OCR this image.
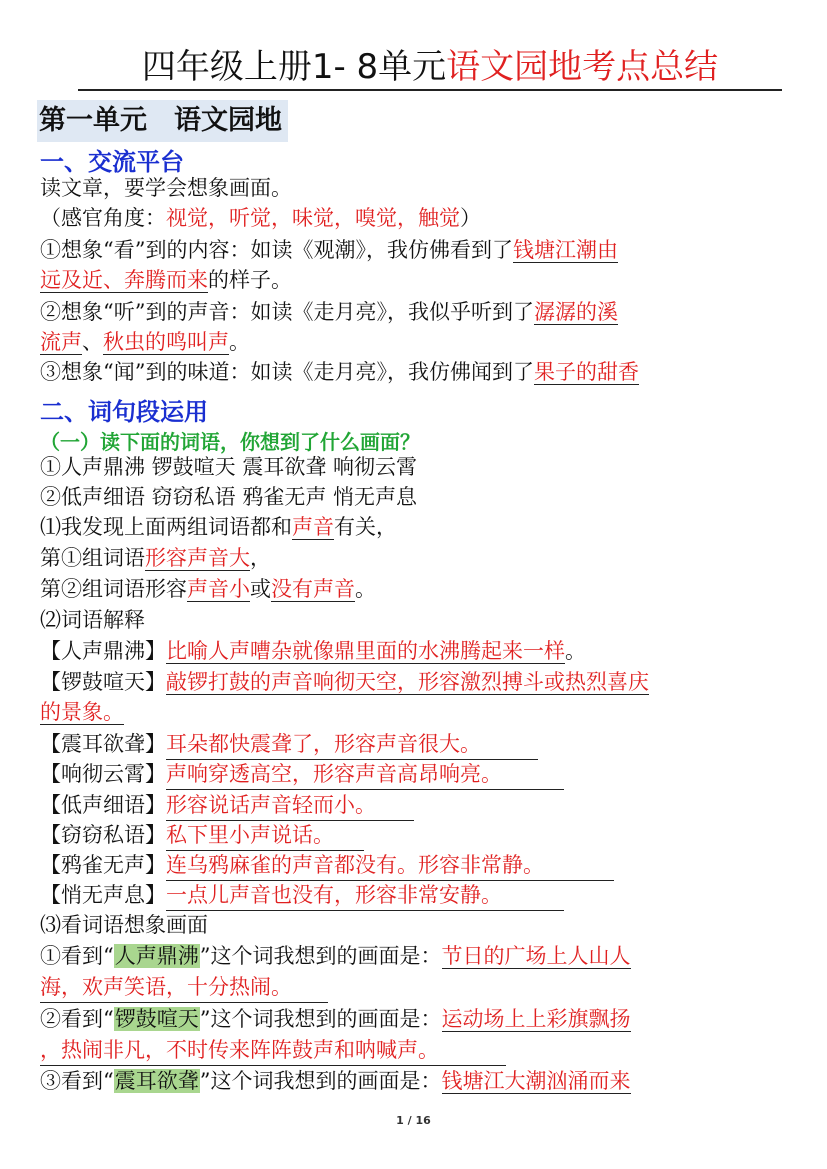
四年级上册1- 8单元语文园地考点总结
第一单元　语文园地
一、交流平台
读文章，要学会想象画面。
（感官角度：视觉，听觉，味觉，嗅觉，触觉）
①想象“看”到的内容：如读《观潮》，我仿佛看到了钱塘江潮由
远及近、奔腾而来的样子。
②想象“听”到的声音：如读《走月亮》，我似乎听到了潺潺的溪
流声、秋虫的鸣叫声。
③想象“闻”到的味道：如读《走月亮》，我仿佛闻到了果子的甜香
二、词句段运用
（一）读下面的词语，你想到了什么画面？
①人声鼎沸 锣鼓喧天 震耳欲聋 响彻云霄
②低声细语 窃窃私语 鸦雀无声 悄无声息
⑴我发现上面两组词语都和声音有关，
第①组词语形容声音大，
第②组词语形容声音小或没有声音。
⑵词语解释
【人声鼎沸】比喻人声嘈杂就像鼎里面的水沸腾起来一样。
【锣鼓喧天】敲锣打鼓的声音响彻天空，形容激烈搏斗或热烈喜庆
的景象。
【震耳欲聋】耳朵都快震聋了，形容声音很大。
【响彻云霄】声响穿透高空，形容声音高昂响亮。
【低声细语】形容说话声音轻而小。
【窃窃私语】私下里小声说话。
【鸦雀无声】连乌鸦麻雀的声音都没有。形容非常静。
【悄无声息】一点儿声音也没有，形容非常安静。
⑶看词语想象画面
①看到“人声鼎沸”这个词我想到的画面是：节日的广场上人山人
海，欢声笑语，十分热闹。
②看到“锣鼓喧天”这个词我想到的画面是：运动场上上彩旗飘扬
，热闹非凡，不时传来阵阵鼓声和呐喊声。
③看到“震耳欲聋”这个词我想到的画面是：钱塘江大潮汹涌而来
1 / 16
